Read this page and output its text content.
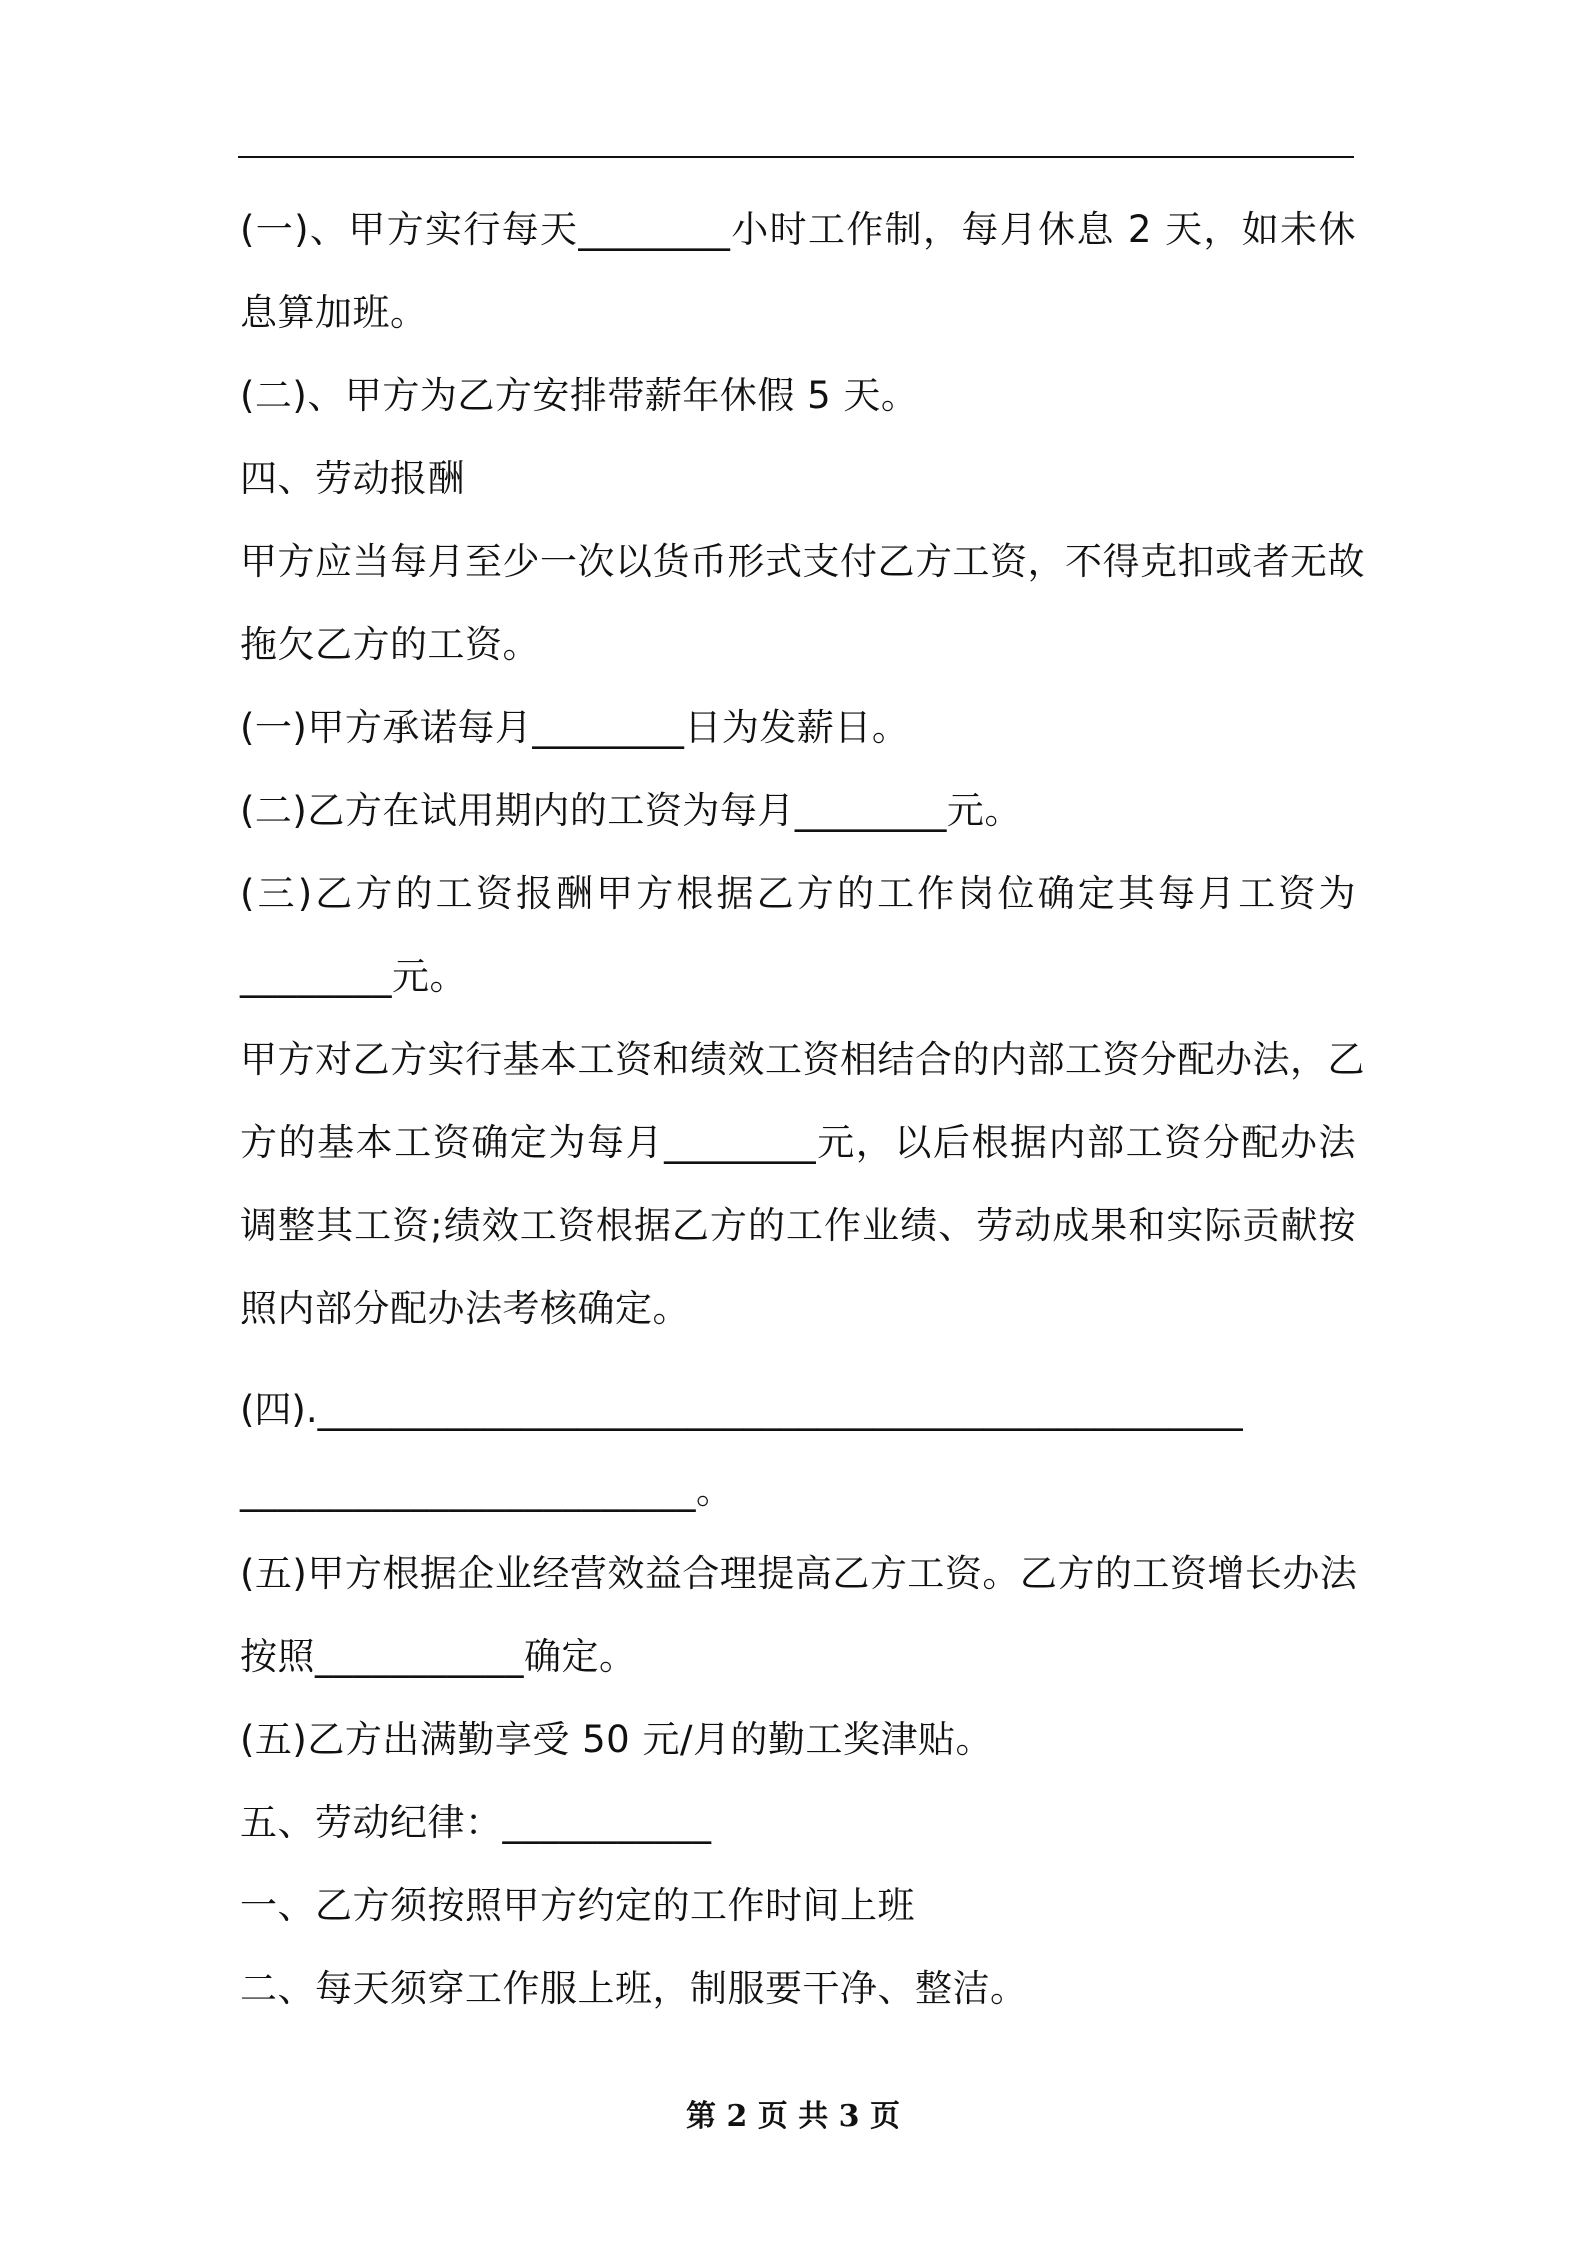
(一)、甲方实行每天________小时工作制，每月休息 2 天，如未休
息算加班。
(二)、甲方为乙方安排带薪年休假 5 天。
四、劳动报酬
甲方应当每月至少一次以货币形式支付乙方工资，不得克扣或者无故
拖欠乙方的工资。
(一)甲方承诺每月________日为发薪日。
(二)乙方在试用期内的工资为每月________元。
(三)乙方的工资报酬甲方根据乙方的工作岗位确定其每月工资为
________元。
甲方对乙方实行基本工资和绩效工资相结合的内部工资分配办法，乙
方的基本工资确定为每月________元，以后根据内部工资分配办法
调整其工资;绩效工资根据乙方的工作业绩、劳动成果和实际贡献按
照内部分配办法考核确定。
(四).__________________________________________________
________________________。
(五)甲方根据企业经营效益合理提高乙方工资。乙方的工资增长办法
按照___________确定。
(五)乙方出满勤享受 50 元/月的勤工奖津贴。
五、劳动纪律：___________
一、乙方须按照甲方约定的工作时间上班
二、每天须穿工作服上班，制服要干净、整洁。
第 2 页 共 3 页
